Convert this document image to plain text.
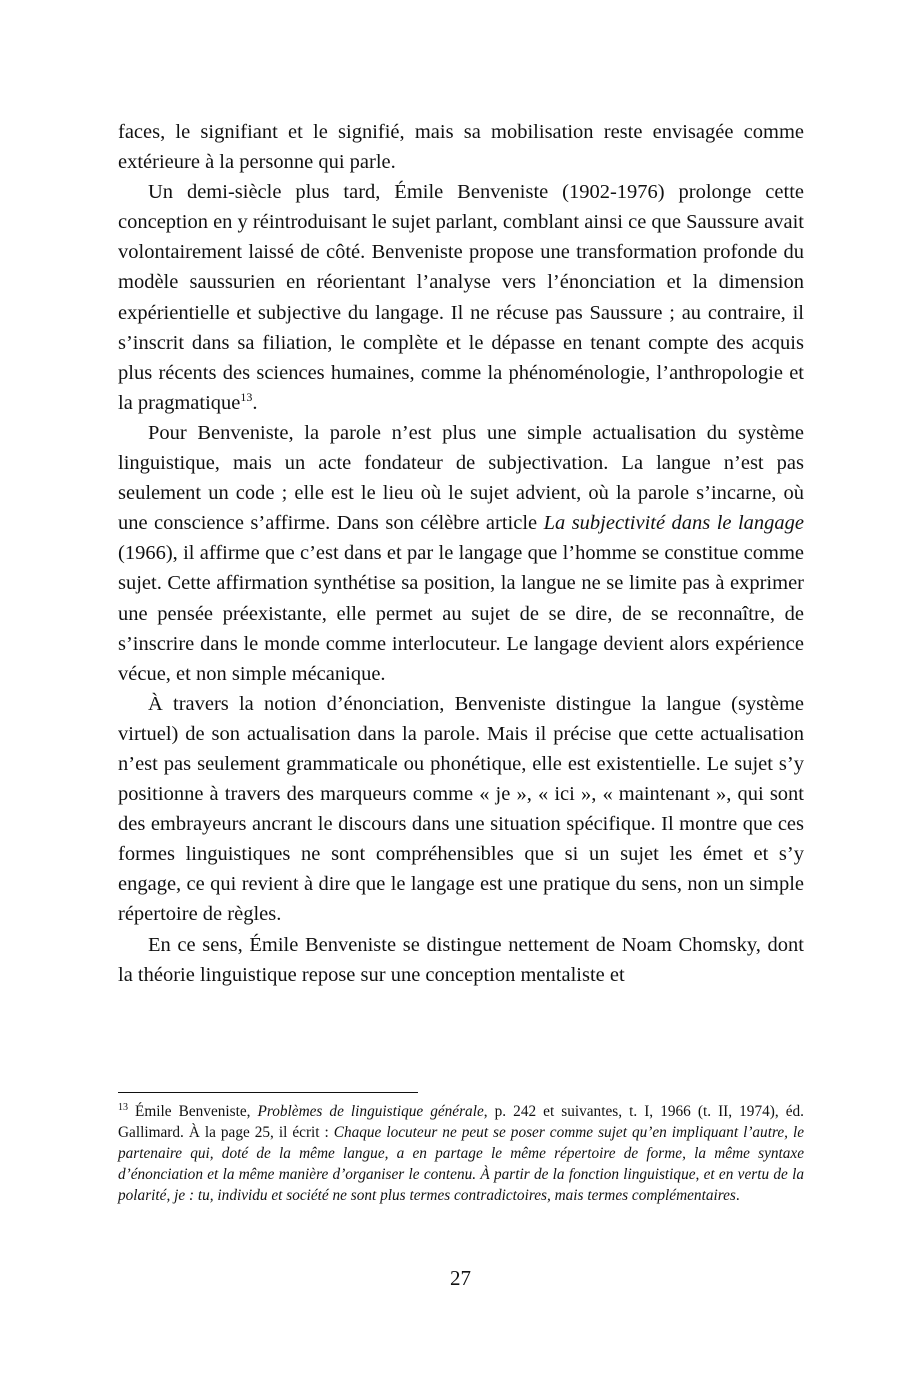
faces, le signifiant et le signifié, mais sa mobilisation reste envisagée comme extérieure à la personne qui parle.

Un demi-siècle plus tard, Émile Benveniste (1902-1976) prolonge cette conception en y réintroduisant le sujet parlant, comblant ainsi ce que Saussure avait volontairement laissé de côté. Benveniste propose une transformation profonde du modèle saussurien en réorientant l’analyse vers l’énonciation et la dimension expérientielle et subjective du langage. Il ne récuse pas Saussure ; au contraire, il s’inscrit dans sa filiation, le complète et le dépasse en tenant compte des acquis plus récents des sciences humaines, comme la phénoménologie, l’anthropologie et la pragmatique$^{13}$.

Pour Benveniste, la parole n’est plus une simple actualisation du système linguistique, mais un acte fondateur de subjectivation. La langue n’est pas seulement un code ; elle est le lieu où le sujet advient, où la parole s’incarne, où une conscience s’affirme. Dans son célèbre article La subjectivité dans le langage (1966), il affirme que c’est dans et par le langage que l’homme se constitue comme sujet. Cette affirmation synthétise sa position, la langue ne se limite pas à exprimer une pensée préexistante, elle permet au sujet de se dire, de se reconnaître, de s’inscrire dans le monde comme interlocuteur. Le langage devient alors expérience vécue, et non simple mécanique.

À travers la notion d’énonciation, Benveniste distingue la langue (système virtuel) de son actualisation dans la parole. Mais il précise que cette actualisation n’est pas seulement grammaticale ou phonétique, elle est existentielle. Le sujet s’y positionne à travers des marqueurs comme « je », « ici », « maintenant », qui sont des embrayeurs ancrant le discours dans une situation spécifique. Il montre que ces formes linguistiques ne sont compréhensibles que si un sujet les émet et s’y engage, ce qui revient à dire que le langage est une pratique du sens, non un simple répertoire de règles.

En ce sens, Émile Benveniste se distingue nettement de Noam Chomsky, dont la théorie linguistique repose sur une conception mentaliste et

$^{13}$ Émile Benveniste, Problèmes de linguistique générale, p. 242 et suivantes, t. I, 1966 (t. II, 1974), éd. Gallimard. À la page 25, il écrit : Chaque locuteur ne peut se poser comme sujet qu’en impliquant l’autre, le partenaire qui, doté de la même langue, a en partage le même répertoire de forme, la même syntaxe d’énonciation et la même manière d’organiser le contenu. À partir de la fonction linguistique, et en vertu de la polarité, je : tu, individu et société ne sont plus termes contradictoires, mais termes complémentaires.

27
